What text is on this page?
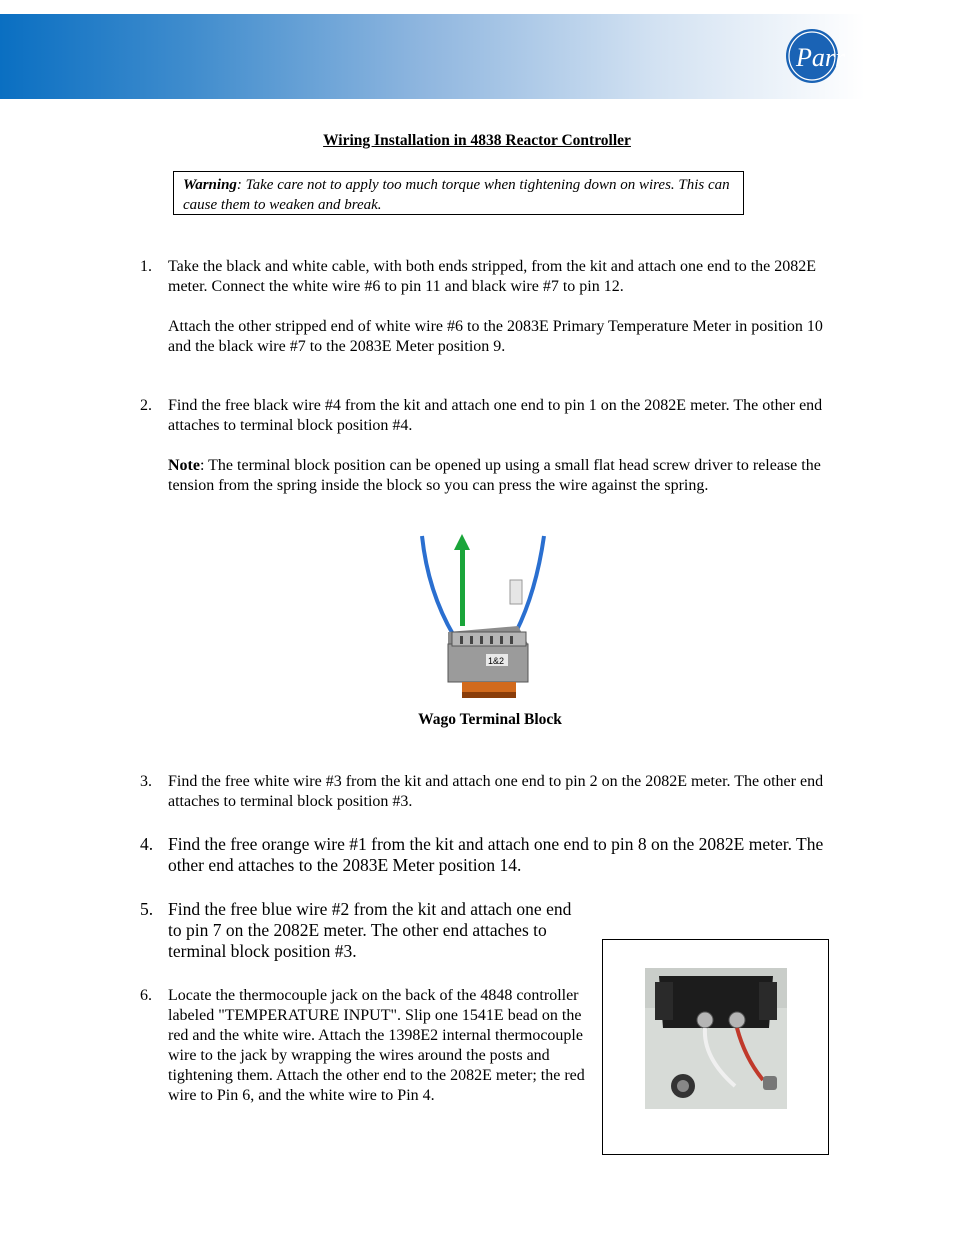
Parr
Wiring Installation in 4838 Reactor Controller
Warning: Take care not to apply too much torque when tightening down on wires. This can cause them to weaken and break.
1. Take the black and white cable, with both ends stripped, from the kit and attach one end to the 2082E meter. Connect the white wire #6 to pin 11 and black wire #7 to pin 12.

Attach the other stripped end of white wire #6 to the 2083E Primary Temperature Meter in position 10 and the black wire #7 to the 2083E Meter position 9.

2. Find the free black wire #4 from the kit and attach one end to pin 1 on the 2082E meter. The other end attaches to terminal block position #4.

Note: The terminal block position can be opened up using a small flat head screw driver to release the tension from the spring inside the block so you can press the wire against the spring.

1&2
Wago Terminal Block
3. Find the free white wire #3 from the kit and attach one end to pin 2 on the 2082E meter. The other end attaches to terminal block position #3.

4. Find the free orange wire #1 from the kit and attach one end to pin 8 on the 2082E meter. The other end attaches to the 2083E Meter position 14.

5. Find the free blue wire #2 from the kit and attach one end to pin 7 on the 2082E meter. The other end attaches to terminal block position #3.

6. Locate the thermocouple jack on the back of the 4848 controller labeled "TEMPERATURE INPUT". Slip one 1541E bead on the red and the white wire. Attach the 1398E2 internal thermocouple wire to the jack by wrapping the wires around the posts and tightening them. Attach the other end to the 2082E meter; the red wire to Pin 6, and the white wire to Pin 4.
